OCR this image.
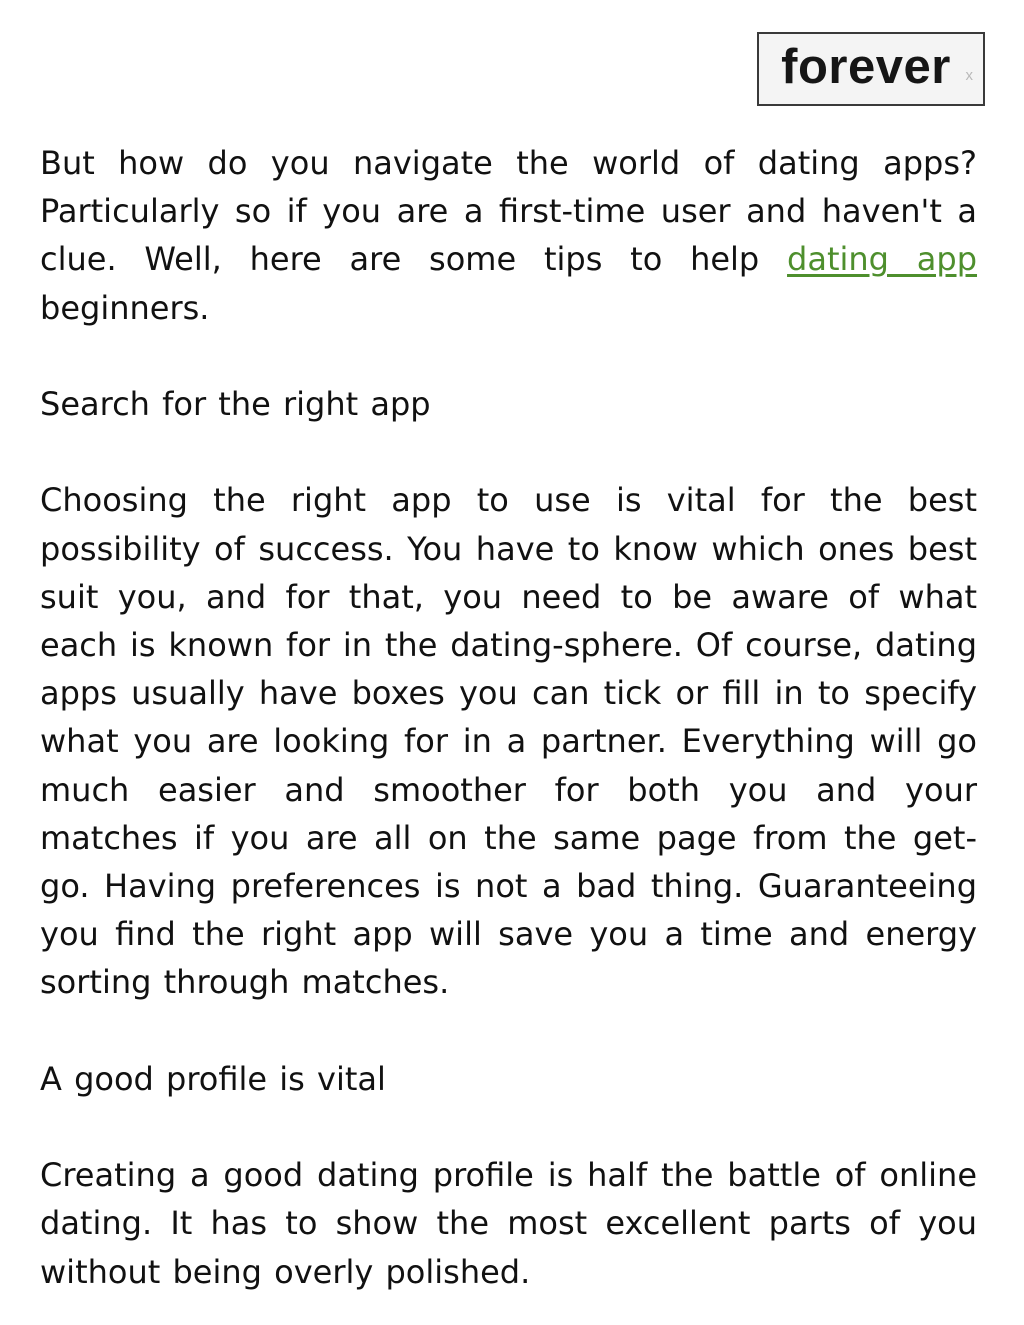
forever x

But how do you navigate the world of dating apps? Particularly so if you are a first-time user and haven't a clue. Well, here are some tips to help dating app beginners.

Search for the right app

Choosing the right app to use is vital for the best possibility of success. You have to know which ones best suit you, and for that, you need to be aware of what each is known for in the dating-sphere. Of course, dating apps usually have boxes you can tick or fill in to specify what you are looking for in a partner. Everything will go much easier and smoother for both you and your matches if you are all on the same page from the get-go. Having preferences is not a bad thing. Guaranteeing you find the right app will save you a time and energy sorting through matches.

A good profile is vital

Creating a good dating profile is half the battle of online dating. It has to show the most excellent parts of you without being overly polished.
